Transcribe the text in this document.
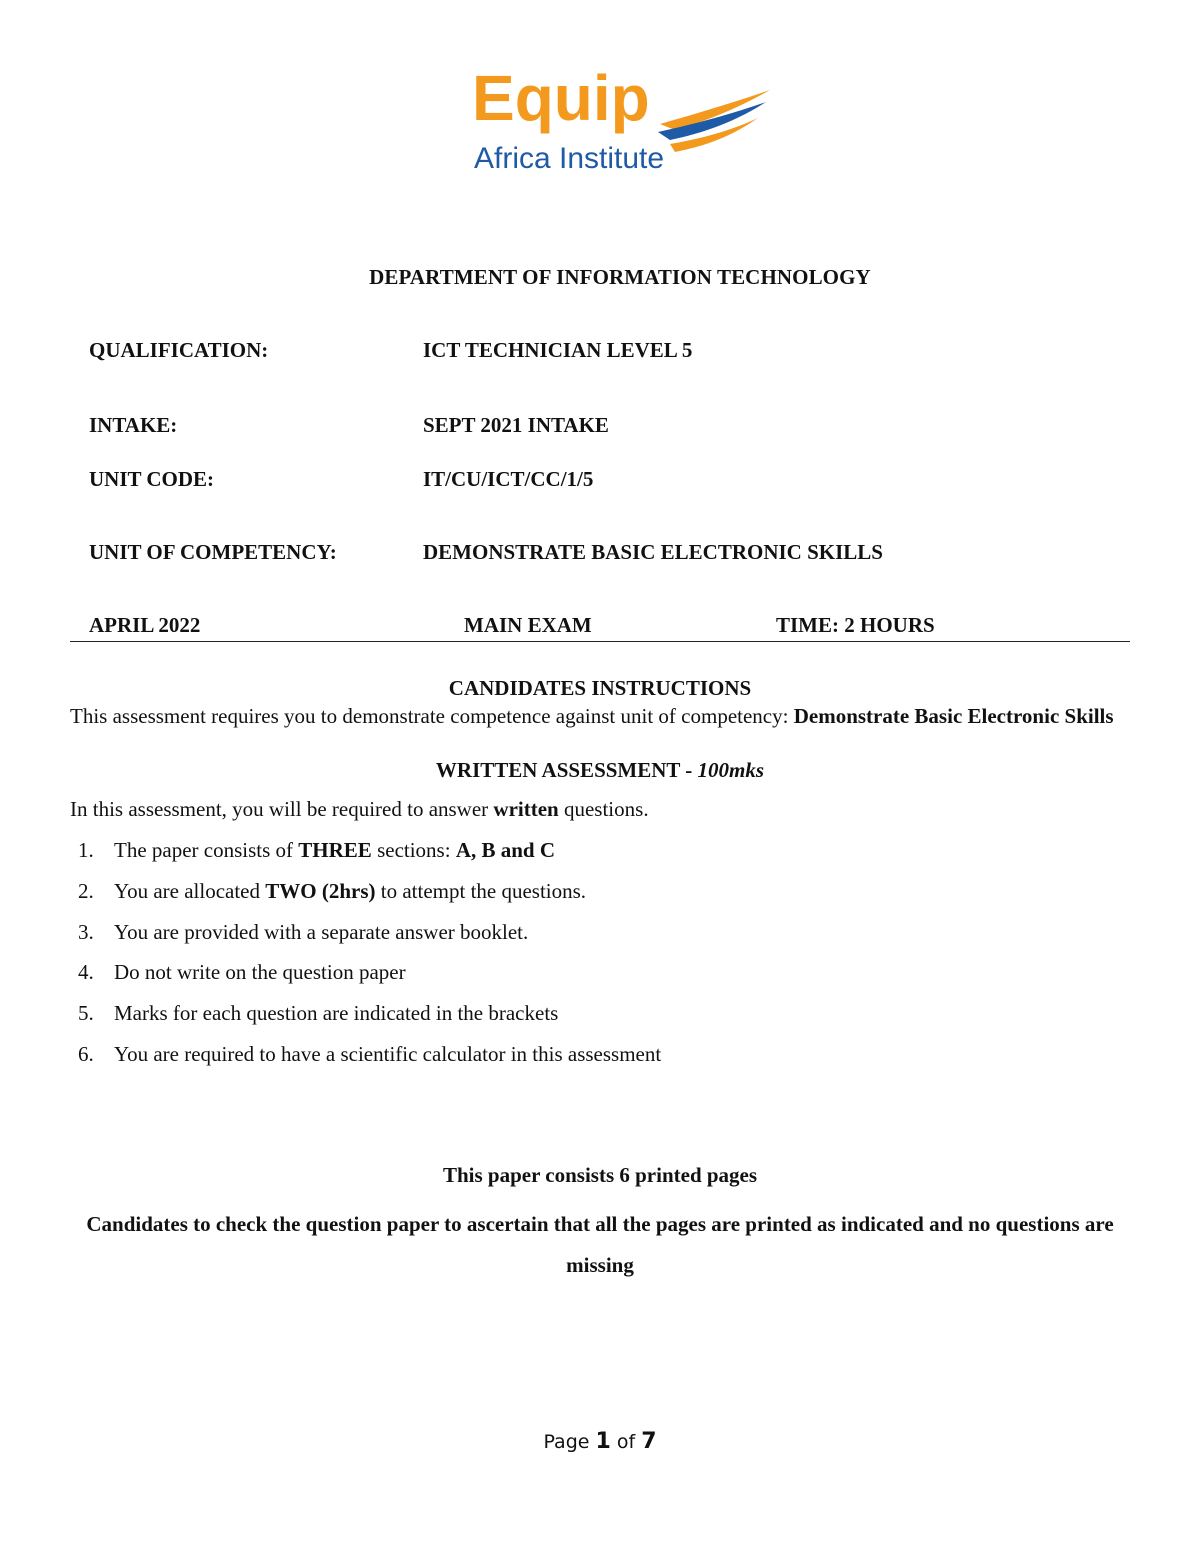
Equip
Africa Institute
DEPARTMENT OF INFORMATION TECHNOLOGY
QUALIFICATION:	ICT TECHNICIAN LEVEL 5
INTAKE:	SEPT 2021 INTAKE
UNIT CODE:	IT/CU/ICT/CC/1/5
UNIT OF COMPETENCY:	DEMONSTRATE BASIC ELECTRONIC SKILLS
APRIL 2022	MAIN EXAM	TIME: 2 HOURS
CANDIDATES INSTRUCTIONS
This assessment requires you to demonstrate competence against unit of competency: Demonstrate Basic Electronic Skills
WRITTEN ASSESSMENT - 100mks
In this assessment, you will be required to answer written questions.
1. The paper consists of THREE sections: A, B and C
2. You are allocated TWO (2hrs) to attempt the questions.
3. You are provided with a separate answer booklet.
4. Do not write on the question paper
5. Marks for each question are indicated in the brackets
6. You are required to have a scientific calculator in this assessment
This paper consists 6 printed pages
Candidates to check the question paper to ascertain that all the pages are printed as indicated and no questions are missing
Page 1 of 7
